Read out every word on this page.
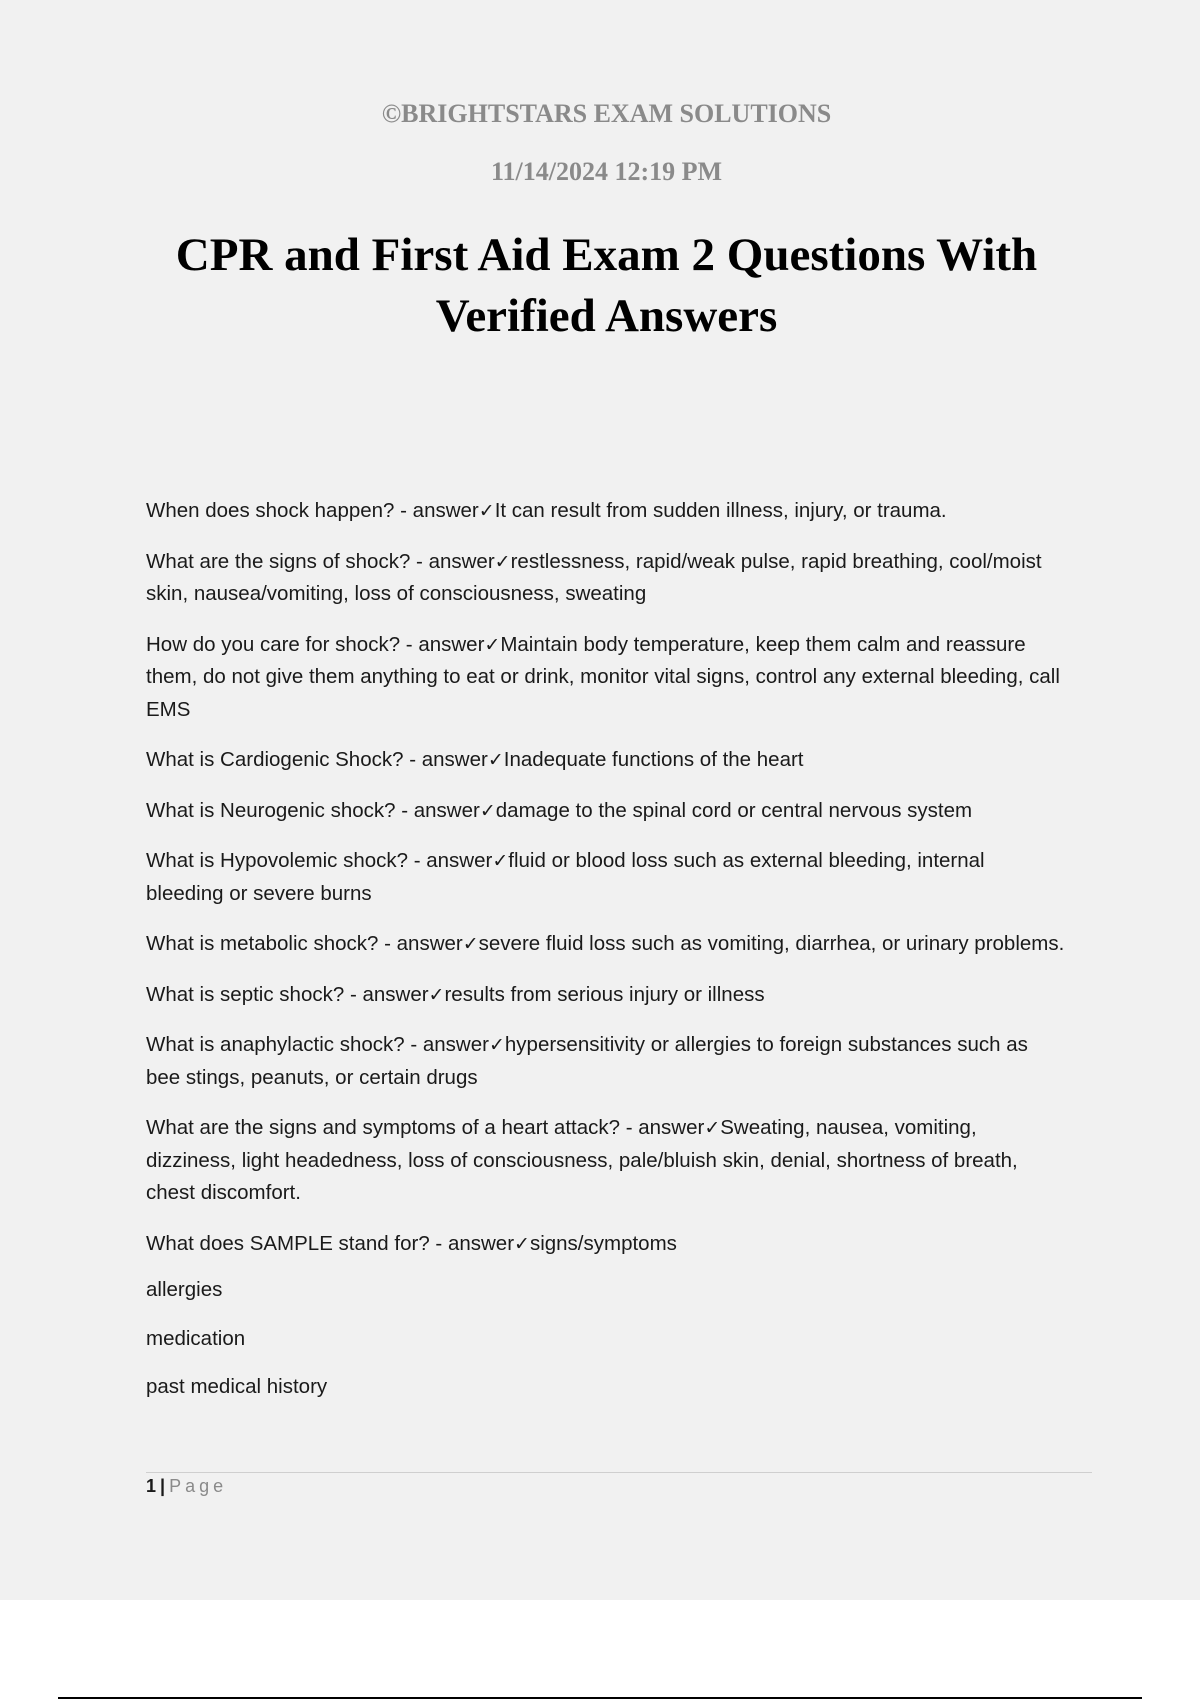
©BRIGHTSTARS EXAM SOLUTIONS

11/14/2024 12:19 PM

CPR and First Aid Exam 2 Questions With Verified Answers

When does shock happen? - answer✓It can result from sudden illness, injury, or trauma.

What are the signs of shock? - answer✓restlessness, rapid/weak pulse, rapid breathing, cool/moist skin, nausea/vomiting, loss of consciousness, sweating

How do you care for shock? - answer✓Maintain body temperature, keep them calm and reassure them, do not give them anything to eat or drink, monitor vital signs, control any external bleeding, call EMS

What is Cardiogenic Shock? - answer✓Inadequate functions of the heart

What is Neurogenic shock? - answer✓damage to the spinal cord or central nervous system

What is Hypovolemic shock? - answer✓fluid or blood loss such as external bleeding, internal bleeding or severe burns

What is metabolic shock? - answer✓severe fluid loss such as vomiting, diarrhea, or urinary problems.

What is septic shock? - answer✓results from serious injury or illness

What is anaphylactic shock? - answer✓hypersensitivity or allergies to foreign substances such as bee stings, peanuts, or certain drugs

What are the signs and symptoms of a heart attack? - answer✓Sweating, nausea, vomiting, dizziness, light headedness, loss of consciousness, pale/bluish skin, denial, shortness of breath, chest discomfort.

What does SAMPLE stand for? - answer✓signs/symptoms

allergies

medication

past medical history

1 | Page
